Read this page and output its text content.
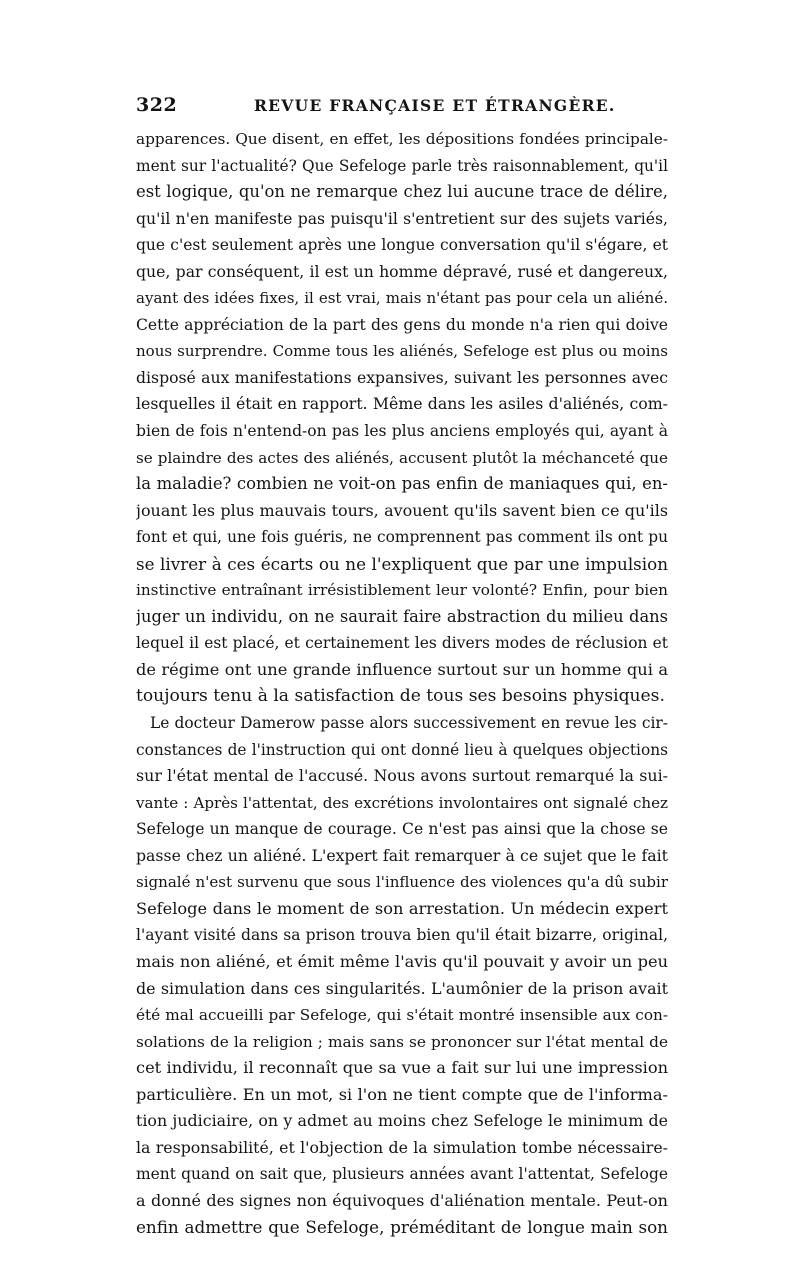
322	REVUE FRANÇAISE ET ÉTRANGÈRE.
apparences. Que disent, en effet, les dépositions fondées principale-
ment sur l'actualité? Que Sefeloge parle très raisonnablement, qu'il
est logique, qu'on ne remarque chez lui aucune trace de délire,
qu'il n'en manifeste pas puisqu'il s'entretient sur des sujets variés,
que c'est seulement après une longue conversation qu'il s'égare, et
que, par conséquent, il est un homme dépravé, rusé et dangereux,
ayant des idées fixes, il est vrai, mais n'étant pas pour cela un aliéné.
Cette appréciation de la part des gens du monde n'a rien qui doive
nous surprendre. Comme tous les aliénés, Sefeloge est plus ou moins
disposé aux manifestations expansives, suivant les personnes avec
lesquelles il était en rapport. Même dans les asiles d'aliénés, com-
bien de fois n'entend-on pas les plus anciens employés qui, ayant à
se plaindre des actes des aliénés, accusent plutôt la méchanceté que
la maladie? combien ne voit-on pas enfin de maniaques qui, en-
jouant les plus mauvais tours, avouent qu'ils savent bien ce qu'ils
font et qui, une fois guéris, ne comprennent pas comment ils ont pu
se livrer à ces écarts ou ne l'expliquent que par une impulsion
instinctive entraînant irrésistiblement leur volonté? Enfin, pour bien
juger un individu, on ne saurait faire abstraction du milieu dans
lequel il est placé, et certainement les divers modes de réclusion et
de régime ont une grande influence surtout sur un homme qui a
toujours tenu à la satisfaction de tous ses besoins physiques.
Le docteur Damerow passe alors successivement en revue les cir-
constances de l'instruction qui ont donné lieu à quelques objections
sur l'état mental de l'accusé. Nous avons surtout remarqué la sui-
vante : Après l'attentat, des excrétions involontaires ont signalé chez
Sefeloge un manque de courage. Ce n'est pas ainsi que la chose se
passe chez un aliéné. L'expert fait remarquer à ce sujet que le fait
signalé n'est survenu que sous l'influence des violences qu'a dû subir
Sefeloge dans le moment de son arrestation. Un médecin expert
l'ayant visité dans sa prison trouva bien qu'il était bizarre, original,
mais non aliéné, et émit même l'avis qu'il pouvait y avoir un peu
de simulation dans ces singularités. L'aumônier de la prison avait
été mal accueilli par Sefeloge, qui s'était montré insensible aux con-
solations de la religion ; mais sans se prononcer sur l'état mental de
cet individu, il reconnaît que sa vue a fait sur lui une impression
particulière. En un mot, si l'on ne tient compte que de l'informa-
tion judiciaire, on y admet au moins chez Sefeloge le minimum de
la responsabilité, et l'objection de la simulation tombe nécessaire-
ment quand on sait que, plusieurs années avant l'attentat, Sefeloge
a donné des signes non équivoques d'aliénation mentale. Peut-on
enfin admettre que Sefeloge, préméditant de longue main son
